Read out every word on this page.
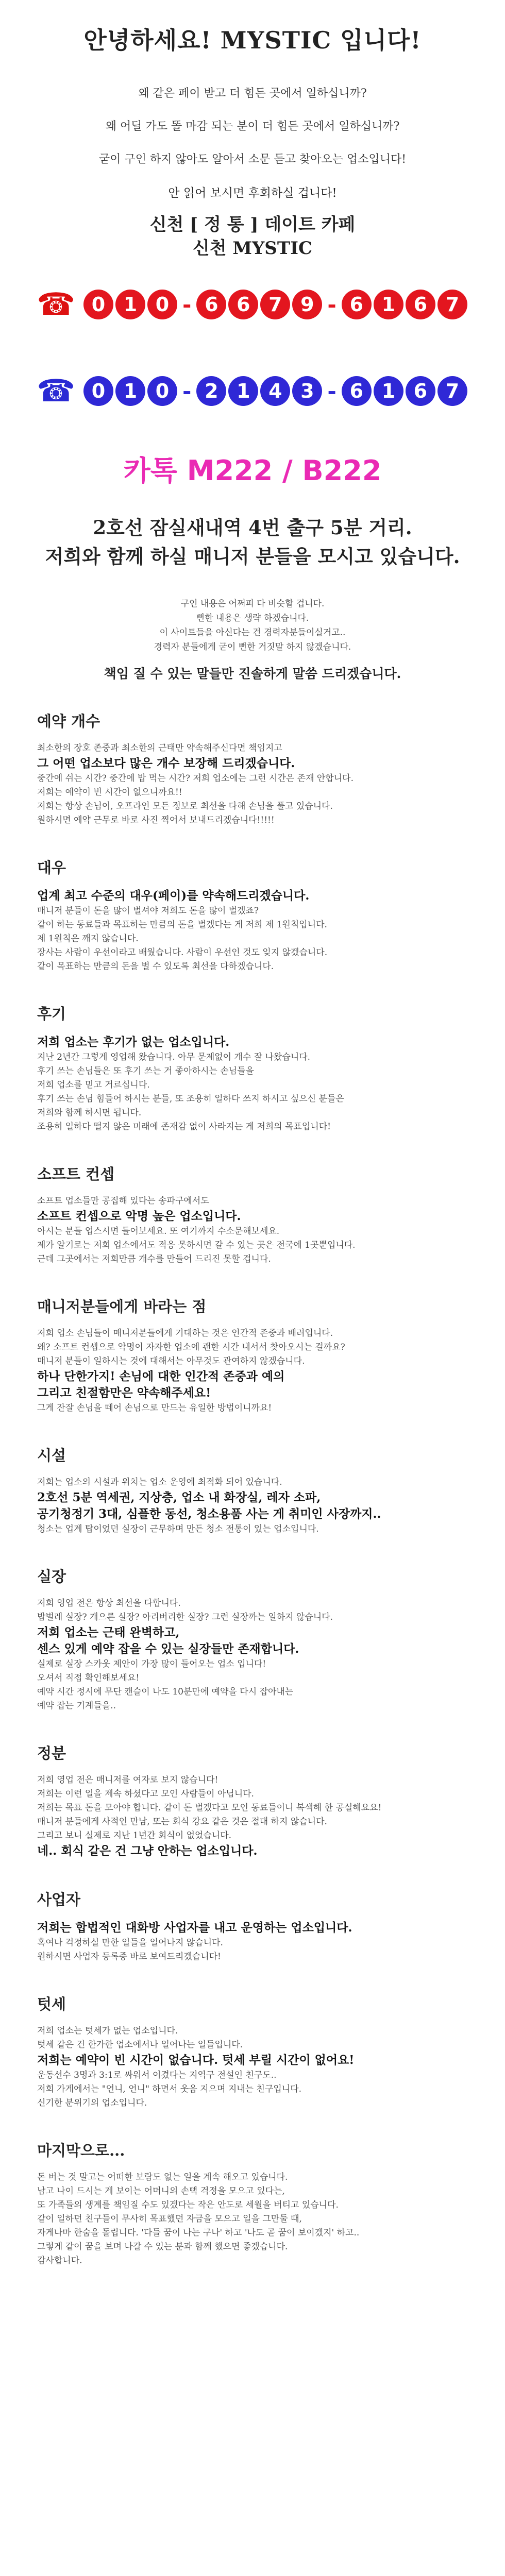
안녕하세요! MYSTIC 입니다!

왜 같은 페이 받고 더 힘든 곳에서 일하십니까?

왜 어딜 가도 똘 마감 되는 분이 더 힘든 곳에서 일하십니까?

굳이 구인 하지 않아도 알아서 소문 듣고 찾아오는 업소입니다!

안 읽어 보시면 후회하실 겁니다!

신천 [ 정 통 ] 데이트 카페

신천 MYSTIC

☎ 0 1 0 - 6 6 7 9 - 6 1 6 7
☎ 0 1 0 - 2 1 4 3 - 6 1 6 7
카톡 M222 / B222

2호선 잠실새내역 4번 출구 5분 거리.

저희와 함께 하실 매니저 분들을 모시고 있습니다.

구인 내용은 어쩌피 다 비슷할 겁니다.

뻔한 내용은 생략 하겠습니다.

이 사이트들을 아신다는 건 경력자분들이실거고..

경력자 분들에게 굳이 뻔한 거짓말 하지 않겠습니다.

책임 질 수 있는 말들만 진솔하게 말씀 드리겠습니다.

예약 개수

최소한의 장호 존중과 최소한의 근태만 약속해주신다면 책임지고

그 어떤 업소보다 많은 개수 보장해 드리겠습니다.

중간에 쉬는 시간? 중간에 밥 먹는 시간? 저희 업소에는 그런 시간은 존재 안합니다.

저희는 예약이 빈 시간이 없으니까요!!

저희는 항상 손님이, 오프라인 모든 정보로 최선을 다해 손님을 풀고 있습니다.

원하시면 예약 근무로 바로 사진 찍어서 보내드리겠습니다!!!!!

대우

업계 최고 수준의 대우(페이)를 약속해드리겠습니다.

매니저 분들이 돈을 많이 벌셔야 저희도 돈을 많이 벌겠죠?

같이 하는 동료들과 목표하는 만큼의 돈을 벌겠다는 게 저희 제 1원칙입니다.

제 1원칙은 깨지 않습니다.

장사는 사람이 우선이라고 배웠습니다. 사람이 우선인 것도 잊지 않겠습니다.

같이 목표하는 만큼의 돈을 벌 수 있도록 최선을 다하겠습니다.

후기

저희 업소는 후기가 없는 업소입니다.

지난 2년간 그렇게 영업해 왔습니다. 아무 문제없이 개수 잘 나왔습니다.

후기 쓰는 손님들은 또 후기 쓰는 거 좋아하시는 손님들을

저희 업소를 믿고 거르십니다.

후기 쓰는 손님 힘들어 하시는 분들, 또 조용히 일하다 쓰지 하시고 싶으신 분들은

저희와 함께 하시면 됩니다.

조용히 일하다 떨지 않은 미래에 존재감 없이 사라지는 게 저희의 목표입니다!

소프트 컨셉

소프트 업소들만 공집해 있다는 송파구에서도

소프트 컨셉으로 악명 높은 업소입니다.

아시는 분들 업스시면 들어보세요. 또 여기까지 수소문해보세요.

제가 알기로는 저희 업소에서도 적응 못하시면 갈 수 있는 곳은 전국에 1곳뿐입니다.

근데 그곳에서는 저희만큼 개수를 만들어 드리진 못할 겁니다.

매니저분들에게 바라는 점

저희 업소 손님들이 매니저분들에게 기대하는 것은 인간적 존중과 배려입니다.

왜? 소프트 컨셉으로 악명이 자자한 업소에 괜한 시간 내서서 찾아오시는 걸까요?

매니저 분들이 일하시는 것에 대해서는 아무것도 관여하지 않겠습니다.

하나 단한가지! 손님에 대한 인간적 존중과 예의

그리고 친절함만은 약속해주세요!

그게 잔잘 손님을 떼어 손님으로 만드는 유일한 방법이니까요!

시설

저희는 업소의 시설과 위치는 업소 운영에 최적화 되어 있습니다.

2호선 5분 역세권, 지상층, 업소 내 화장실, 레자 소파,

공기청정기 3대, 심플한 동선, 청소용품 사는 게 취미인 사장까지..

청소는 업계 탑이었던 실장이 근무하며 만든 청소 전통이 있는 업소입니다.

실장

저희 영업 전은 항상 최선을 다합니다.

밥벌레 실장? 개으른 실장? 아리버리한 실장? 그런 실장까는 일하지 않습니다.

저희 업소는 근태 완벽하고,

센스 있게 예약 잡을 수 있는 실장들만 존재합니다.

실제로 실장 스카웃 제안이 가장 많이 들어오는 업소 입니다!

오셔서 직접 확인해보세요!

예약 시간 정시에 무단 캔슬이 나도 10분만에 예약을 다시 잡아내는

예약 잡는 기계들을..

정분

저희 영업 전은 매니저를 여자로 보지 않습니다!

저희는 이런 일을 제속 하셨다고 모인 사람들이 아닙니다.

저희는 목표 돈을 모아야 합니다. 같이 돈 벌겠다고 모인 동료들이니 복색해 한 공실해요요!

매니저 분들에게 사적인 만남, 또는 회식 강요 같은 것은 절대 하지 않습니다.

그리고 보니 실제로 지난 1년간 회식이 없었습니다.

네.. 회식 같은 건 그냥 안하는 업소입니다.

사업자

저희는 합법적인 대화방 사업자를 내고 운영하는 업소입니다.

혹여나 걱정하실 만한 일들을 일어나지 않습니다.

원하시면 사업자 등록증 바로 보여드리겠습니다!

텃세

저희 업소는 텃세가 없는 업소입니다.

텃세 같은 건 한가한 업소에서나 일어나는 일들입니다.

저희는 예약이 빈 시간이 없습니다. 텃세 부릴 시간이 없어요!

운동선수 3명과 3:1로 싸워서 이겼다는 지역구 전설인 친구도..

저희 가게에서는 "언니, 언니" 하면서 웃음 지으며 지내는 친구입니다.

신기한 분위기의 업소입니다.

마지막으로...

돈 버는 것 말고는 어떠한 보람도 없는 일을 계속 해오고 있습니다.

남고 나이 드시는 게 보이는 어머니의 손뼉 걱정을 모으고 있다는,

또 가족들의 생계를 책임질 수도 있겠다는 작은 안도로 세월을 버티고 있습니다.

같이 일하던 친구들이 무사히 목표했던 자금을 모으고 일을 그만둘 때,

자게나마 한숨을 돌립니다. '다들 꿈이 나는 구나' 하고 '나도 곧 꿈이 보이겠지' 하고..

그렇게 같이 꿈을 보며 나갈 수 있는 분과 함께 했으면 좋겠습니다.

감사합니다.
